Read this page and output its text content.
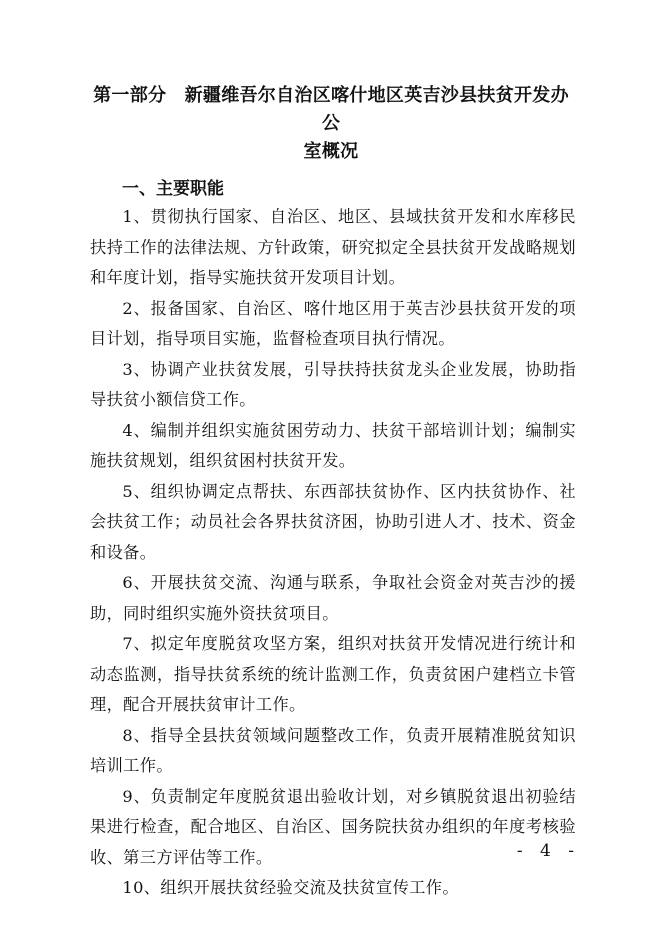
第一部分　新疆维吾尔自治区喀什地区英吉沙县扶贫开发办公
室概况
一、主要职能

1、贯彻执行国家、自治区、地区、县域扶贫开发和水库移民扶持工作的法律法规、方针政策，研究拟定全县扶贫开发战略规划和年度计划，指导实施扶贫开发项目计划。

2、报备国家、自治区、喀什地区用于英吉沙县扶贫开发的项目计划，指导项目实施，监督检查项目执行情况。

3、协调产业扶贫发展，引导扶持扶贫龙头企业发展，协助指导扶贫小额信贷工作。

4、编制并组织实施贫困劳动力、扶贫干部培训计划；编制实施扶贫规划，组织贫困村扶贫开发。

5、组织协调定点帮扶、东西部扶贫协作、区内扶贫协作、社会扶贫工作；动员社会各界扶贫济困，协助引进人才、技术、资金和设备。

6、开展扶贫交流、沟通与联系，争取社会资金对英吉沙的援助，同时组织实施外资扶贫项目。

7、拟定年度脱贫攻坚方案，组织对扶贫开发情况进行统计和动态监测，指导扶贫系统的统计监测工作，负责贫困户建档立卡管理，配合开展扶贫审计工作。

8、指导全县扶贫领域问题整改工作，负责开展精准脱贫知识培训工作。

9、负责制定年度脱贫退出验收计划，对乡镇脱贫退出初验结果进行检查，配合地区、自治区、国务院扶贫办组织的年度考核验收、第三方评估等工作。

10、组织开展扶贫经验交流及扶贫宣传工作。

- 4 -
